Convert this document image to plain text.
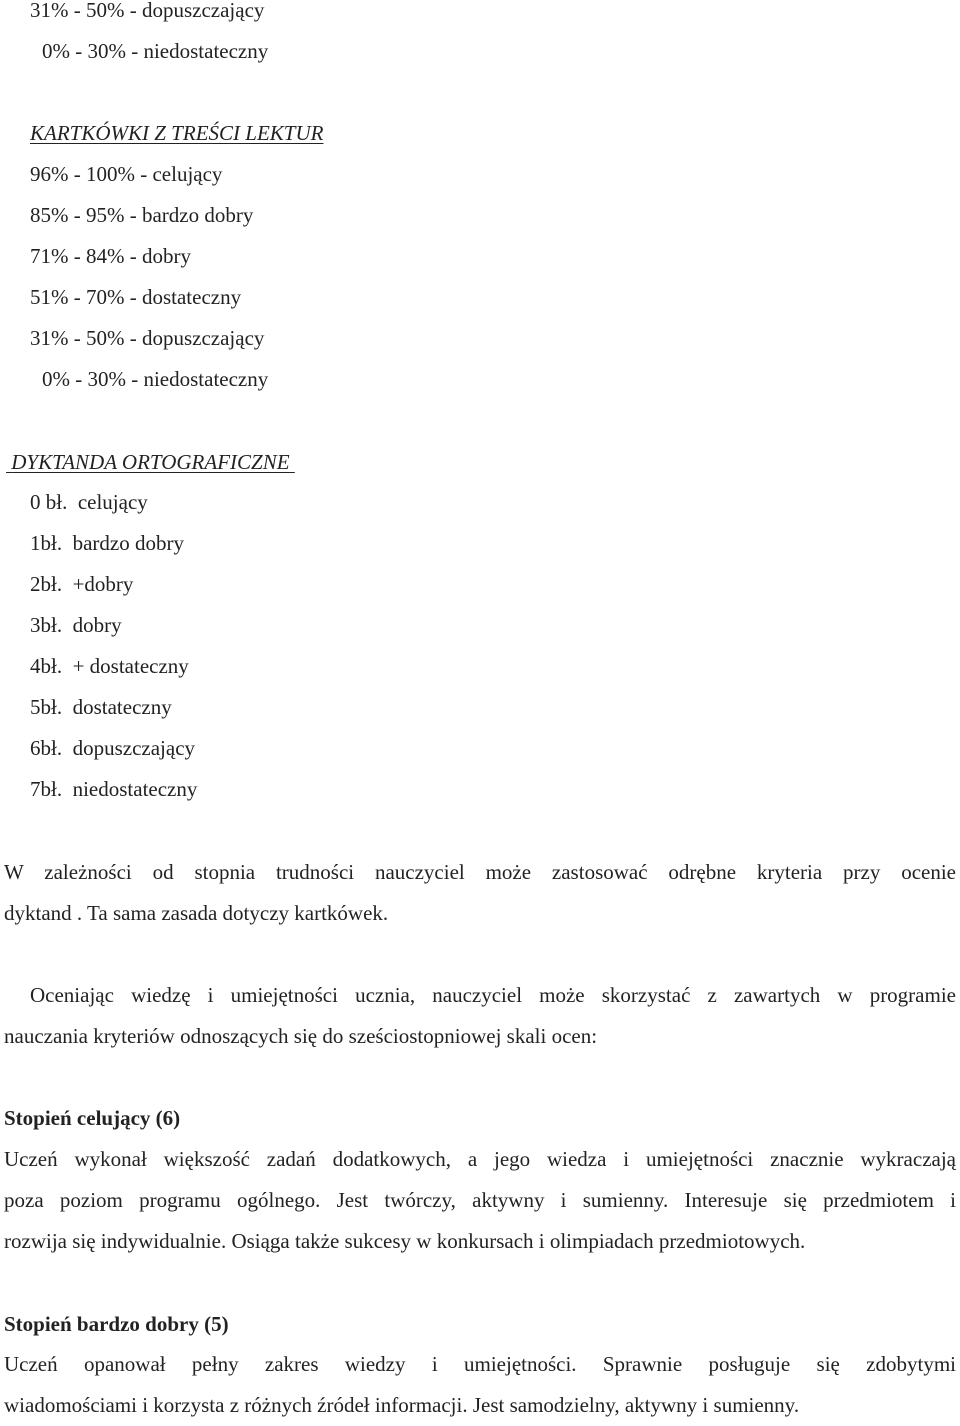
31% - 50% - dopuszczający
0% - 30% - niedostateczny
KARTKÓWKI Z TREŚCI LEKTUR
96% - 100% - celujący
85% - 95% - bardzo dobry
71% - 84% - dobry
51% - 70% - dostateczny
31% - 50% - dopuszczający
0% - 30% - niedostateczny
DYKTANDA ORTOGRAFICZNE
0 bł.  celujący
1bł.  bardzo dobry
2bł.  +dobry
3bł.  dobry
4bł.  + dostateczny
5bł.  dostateczny
6bł.  dopuszczający
7bł.  niedostateczny
W zależności od stopnia trudności nauczyciel może zastosować odrębne kryteria przy ocenie
dyktand . Ta sama zasada dotyczy kartkówek.
Oceniając wiedzę i umiejętności ucznia, nauczyciel może skorzystać z zawartych w programie
nauczania kryteriów odnoszących się do sześciostopniowej skali ocen:
Stopień celujący (6)
Uczeń wykonał większość zadań dodatkowych, a jego wiedza i umiejętności znacznie wykraczają
poza poziom programu ogólnego. Jest twórczy, aktywny i sumienny. Interesuje się przedmiotem i
rozwija się indywidualnie. Osiąga także sukcesy w konkursach i olimpiadach przedmiotowych.
Stopień bardzo dobry (5)
Uczeń opanował pełny zakres wiedzy i umiejętności. Sprawnie posługuje się zdobytymi
wiadomościami i korzysta z różnych źródeł informacji. Jest samodzielny, aktywny i sumienny.
